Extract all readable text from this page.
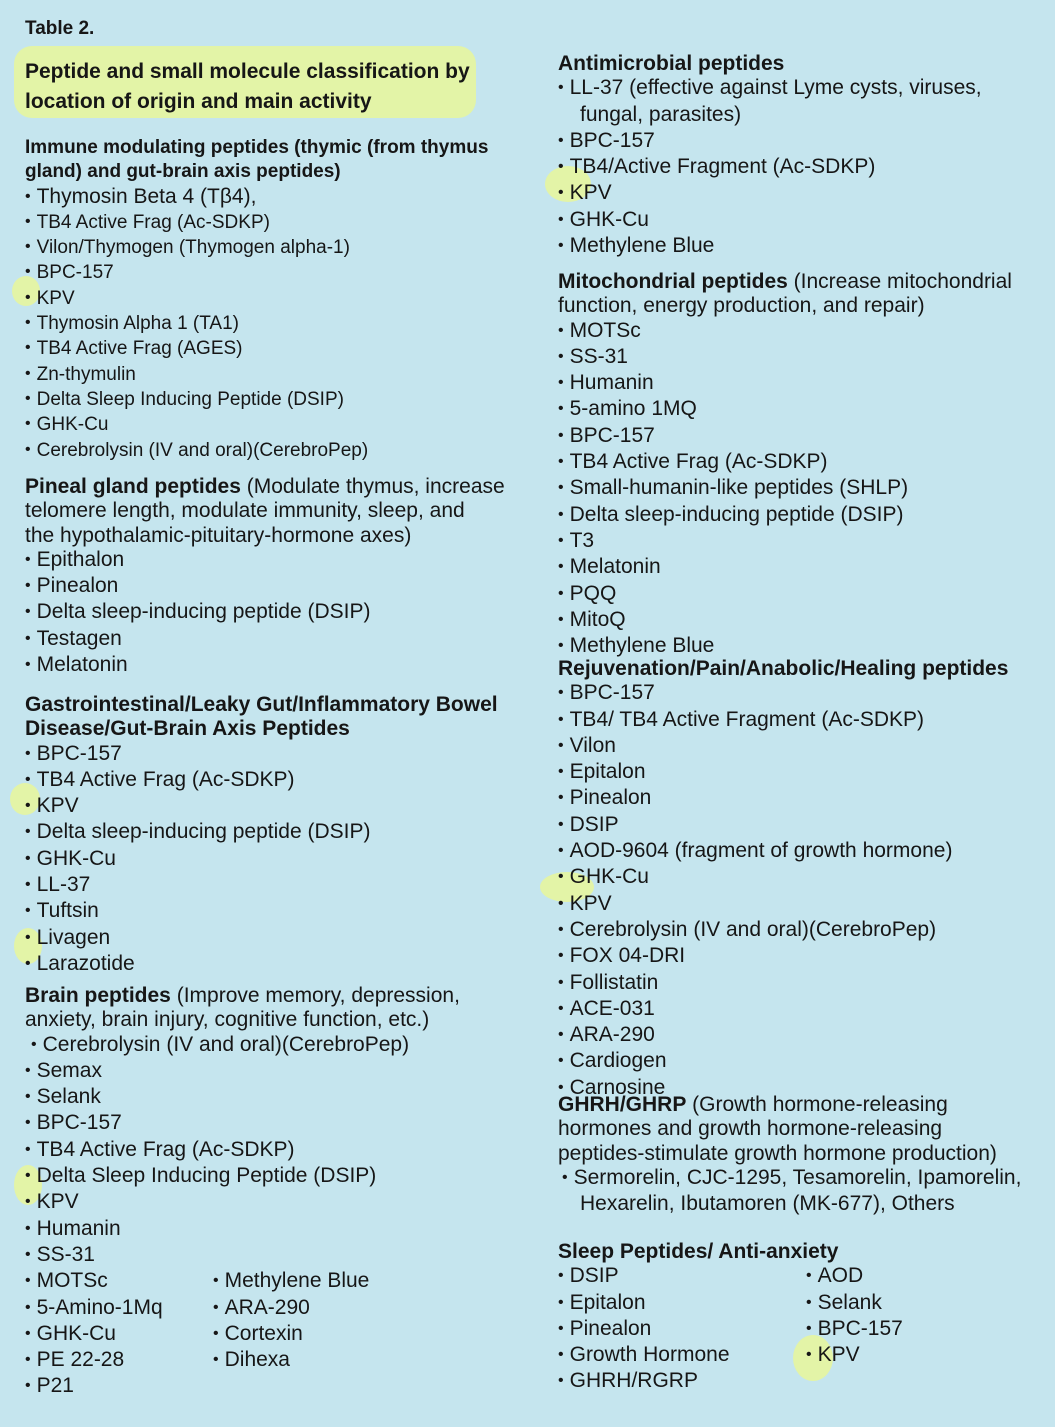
Table 2.
Peptide and small molecule classification by
location of origin and main activity
Immune modulating peptides (thymic (from thymus
gland) and gut-brain axis peptides)
• Thymosin Beta 4 (Tβ4),
• TB4 Active Frag (Ac-SDKP)
• Vilon/Thymogen (Thymogen alpha-1)
• BPC-157
• KPV
• Thymosin Alpha 1 (TA1)
• TB4 Active Frag (AGES)
• Zn-thymulin
• Delta Sleep Inducing Peptide (DSIP)
• GHK-Cu
• Cerebrolysin (IV and oral)(CerebroPep)
Pineal gland peptides (Modulate thymus, increase
telomere length, modulate immunity, sleep, and
the hypothalamic-pituitary-hormone axes)
• Epithalon
• Pinealon
• Delta sleep-inducing peptide (DSIP)
• Testagen
• Melatonin
Gastrointestinal/Leaky Gut/Inflammatory Bowel
Disease/Gut-Brain Axis Peptides
• BPC-157
• TB4 Active Frag (Ac-SDKP)
• KPV
• Delta sleep-inducing peptide (DSIP)
• GHK-Cu
• LL-37
• Tuftsin
• Livagen
• Larazotide
Brain peptides (Improve memory, depression,
anxiety, brain injury, cognitive function, etc.)
• Cerebrolysin (IV and oral)(CerebroPep)
• Semax
• Selank
• BPC-157
• TB4 Active Frag (Ac-SDKP)
• Delta Sleep Inducing Peptide (DSIP)
• KPV
• Humanin
• SS-31
• MOTSc
• 5-Amino-1Mq
• GHK-Cu
• PE 22-28
• P21
• Methylene Blue
• ARA-290
• Cortexin
• Dihexa
Antimicrobial peptides
• LL-37 (effective against Lyme cysts, viruses,
fungal, parasites)
• BPC-157
• TB4/Active Fragment (Ac-SDKP)
• KPV
• GHK-Cu
• Methylene Blue
Mitochondrial peptides (Increase mitochondrial
function, energy production, and repair)
• MOTSc
• SS-31
• Humanin
• 5-amino 1MQ
• BPC-157
• TB4 Active Frag (Ac-SDKP)
• Small-humanin-like peptides (SHLP)
• Delta sleep-inducing peptide (DSIP)
• T3
• Melatonin
• PQQ
• MitoQ
• Methylene Blue
Rejuvenation/Pain/Anabolic/Healing peptides
• BPC-157
• TB4/ TB4 Active Fragment (Ac-SDKP)
• Vilon
• Epitalon
• Pinealon
• DSIP
• AOD-9604 (fragment of growth hormone)
• GHK-Cu
• KPV
• Cerebrolysin (IV and oral)(CerebroPep)
• FOX 04-DRI
• Follistatin
• ACE-031
• ARA-290
• Cardiogen
• Carnosine
GHRH/GHRP (Growth hormone-releasing
hormones and growth hormone-releasing
peptides-stimulate growth hormone production)
• Sermorelin, CJC-1295, Tesamorelin, Ipamorelin,
Hexarelin, Ibutamoren (MK-677), Others
Sleep Peptides/ Anti-anxiety
• DSIP
• Epitalon
• Pinealon
• Growth Hormone
• GHRH/RGRP
• AOD
• Selank
• BPC-157
• KPV
